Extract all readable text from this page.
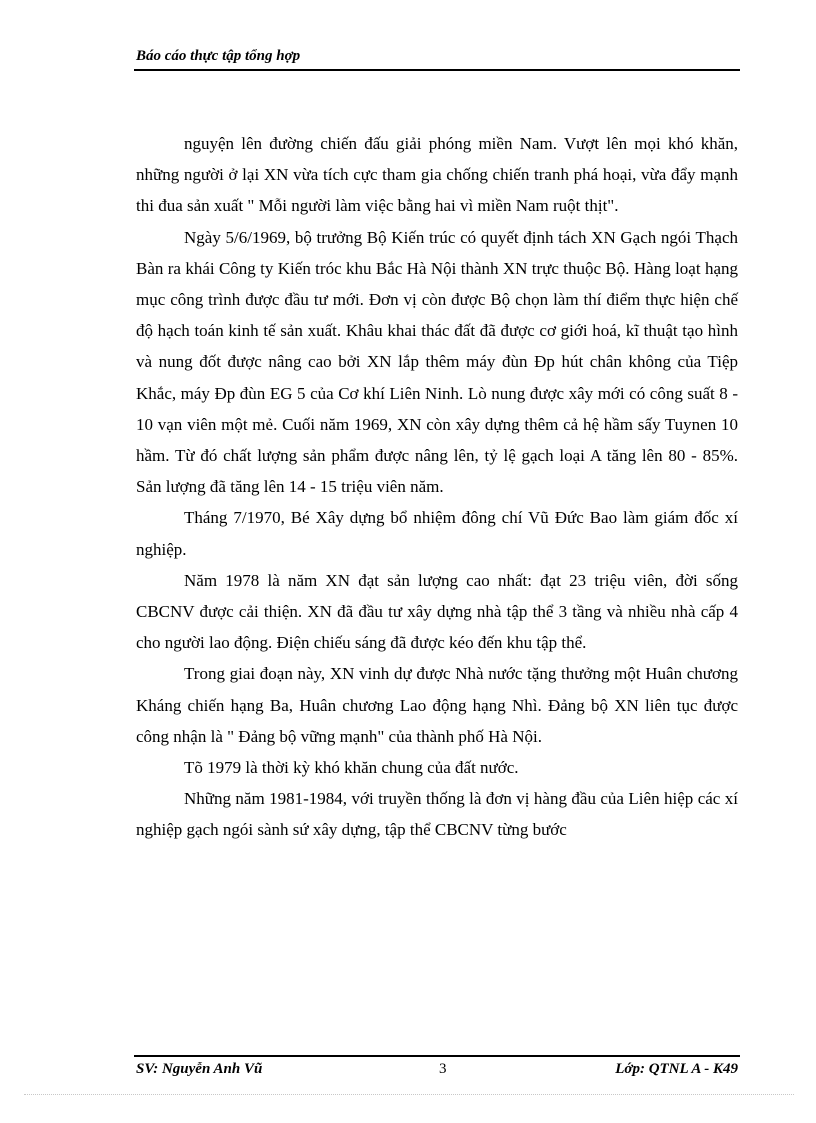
Báo cáo thực tập tổng hợp

nguyện lên đường chiến đấu giải phóng miền Nam. Vượt lên mọi khó khăn, những người ở lại XN vừa tích cực tham gia chống chiến tranh phá hoại, vừa đẩy mạnh thi đua sản xuất " Mỗi người làm việc bằng hai vì miền Nam ruột thịt".

Ngày 5/6/1969, bộ trưởng Bộ Kiến trúc có quyết định tách XN Gạch ngói Thạch Bàn ra khái Công ty Kiến tróc khu Bắc Hà Nội thành XN trực thuộc Bộ. Hàng loạt hạng mục công trình được đầu tư mới. Đơn vị còn được Bộ chọn làm thí điểm thực hiện chế độ hạch toán kinh tế sản xuất. Khâu khai thác đất đã được cơ giới hoá, kĩ thuật tạo hình và nung đốt được nâng cao bởi XN lắp thêm máy đùn Ðp hút chân không của Tiệp Khắc, máy Ðp đùn EG 5 của Cơ khí Liên Ninh. Lò nung được xây mới có công suất 8 - 10 vạn viên một mẻ. Cuối năm 1969, XN còn xây dựng thêm cả hệ hầm sấy Tuynen 10 hầm. Từ đó chất lượng sản phẩm được nâng lên, tỷ lệ gạch loại A tăng lên 80 - 85%. Sản lượng đã tăng lên 14 - 15 triệu viên năm.

Tháng 7/1970, Bé Xây dựng bổ nhiệm đông chí Vũ Đức Bao làm giám đốc xí nghiệp.

Năm 1978 là năm XN đạt sản lượng cao nhất: đạt 23 triệu viên, đời sống CBCNV được cải thiện. XN đã đầu tư xây dựng nhà tập thể 3 tầng và nhiều nhà cấp 4 cho người lao động. Điện chiếu sáng đã được kéo đến khu tập thể.

Trong giai đoạn này, XN vinh dự được Nhà nước tặng thưởng một Huân chương Kháng chiến hạng Ba, Huân chương Lao động hạng Nhì. Đảng bộ XN liên tục được công nhận là " Đảng bộ vững mạnh" của thành phố Hà Nội.

Tõ 1979 là thời kỳ khó khăn chung của đất nước.

Những năm 1981-1984, với truyền thống là đơn vị hàng đầu của Liên hiệp các xí nghiệp gạch ngói sành sứ xây dựng, tập thể CBCNV từng bước

SV: Nguyễn Anh Vũ	3	Lớp: QTNL A - K49
